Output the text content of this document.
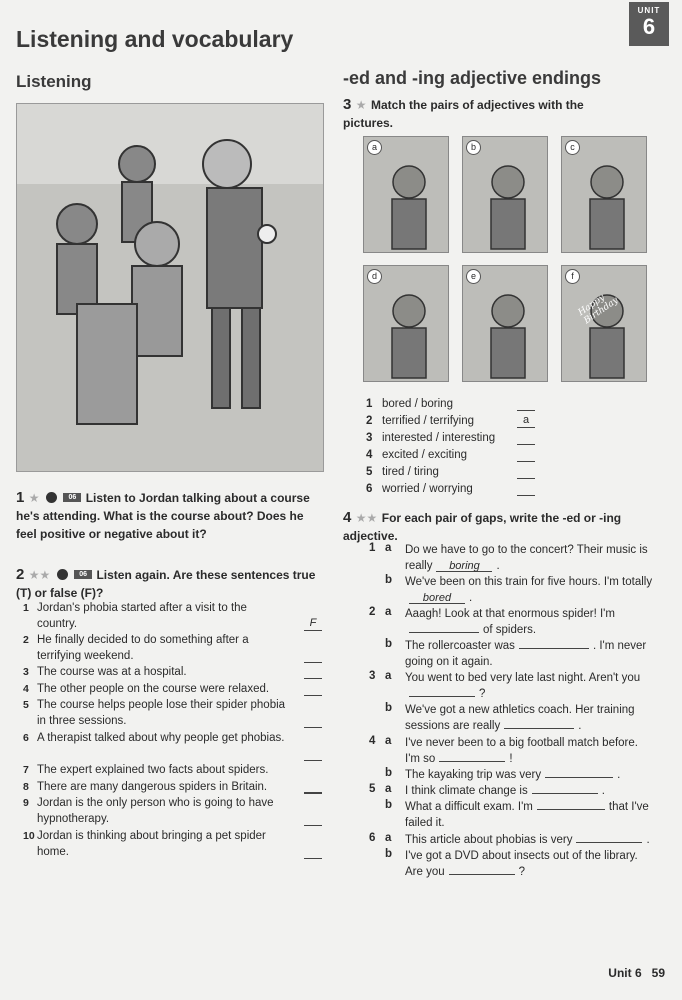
Listening and vocabulary
UNIT
6
Listening	-ed and -ing adjective endings
1 ★	06 Listen to Jordan talking about a course he's attending. What is the course about? Does he feel positive or negative about it?
2 ★★	06 Listen again. Are these sentences true (T) or false (F)?
1 Jordan's phobia started after a visit to the country.	F
2 He finally decided to do something after a terrifying weekend.
3 The course was at a hospital.
4 The other people on the course were relaxed.
5 The course helps people lose their spider phobia in three sessions.
6 A therapist talked about why people get phobias.
7 The expert explained two facts about spiders.
8 There are many dangerous spiders in Britain.
9 Jordan is the only person who is going to have hypnotherapy.
10 Jordan is thinking about bringing a pet spider home.
3 ★ Match the pairs of adjectives with the pictures.
a	b	c
d	e	f
Happy Birthday
1 bored / boring
2 terrified / terrifying	a
3 interested / interesting
4 excited / exciting
5 tired / tiring
6 worried / worrying
4 ★★ For each pair of gaps, write the -ed or -ing adjective.
1 a Do we have to go to the concert? Their music is really boring .
b We've been on this train for five hours. I'm totallybored .
2 a Aaagh! Look at that enormous spider! I'mof spiders.
b The rollercoaster was	. I'm never going on it again.
3 a You went to bed very late last night. Aren't you?
b We've got a new athletics coach. Her training sessions are really	.
4 a I've never been to a big football match before. I'm so	!
b The kayaking trip was very	.
5 a I think climate change is	.
b What a difficult exam. I'm	that I've failed it.
6 a This article about phobias is very	.
b I've got a DVD about insects out of the library. Are you	?
Unit 6 59
